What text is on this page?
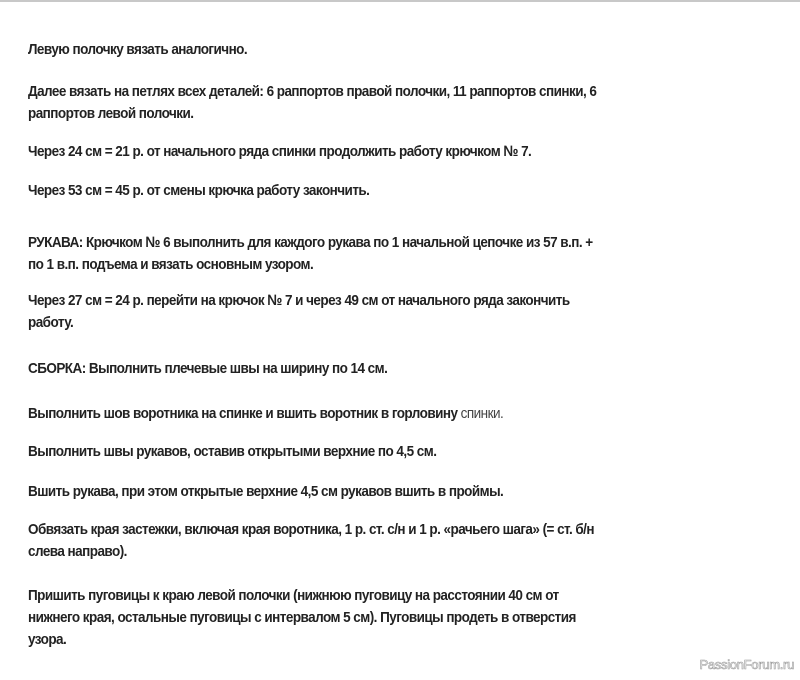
Левую полочку вязать аналогично.

Далее вязать на петлях всех деталей: 6 раппортов правой полочки, 11 раппортов спинки, 6
раппортов левой полочки.

Через 24 см = 21 р. от начального ряда спинки продолжить работу крючком № 7.

Через 53 см = 45 р. от смены крючка работу закончить.

РУКАВА: Крючком № 6 выполнить для каждого рукава по 1 начальной цепочке из 57 в.п. +
по 1 в.п. подъема и вязать основным узором.

Через 27 см = 24 р. перейти на крючок № 7 и через 49 см от начального ряда закончить
работу.

СБОРКА: Выполнить плечевые швы на ширину по 14 см.

Выполнить шов воротника на спинке и вшить воротник в горловину спинки.

Выполнить швы рукавов, оставив открытыми верхние по 4,5 см.

Вшить рукава, при этом открытые верхние 4,5 см рукавов вшить в проймы.

Обвязать края застежки, включая края воротника, 1 р. ст. с/н и 1 р. «рачьего шага» (= ст. б/н
слева направо).

Пришить пуговицы к краю левой полочки (нижнюю пуговицу на расстоянии 40 см от
нижнего края, остальные пуговицы с интервалом 5 см). Пуговицы продеть в отверстия
узора.

PassionForum.ru
